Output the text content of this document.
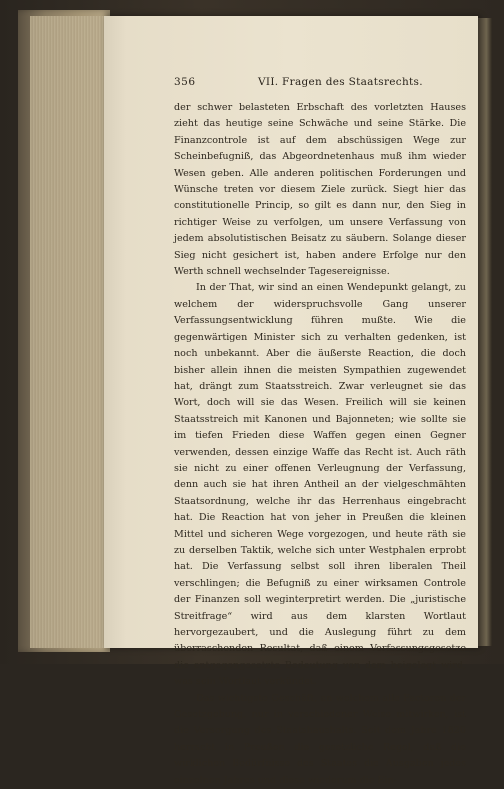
356	VII. Fragen des Staatsrechts.

der schwer belasteten Erbschaft des vorletzten Hauses zieht das heutige seine Schwäche und seine Stärke. Die Finanzcontrole ist auf dem abschüssigen Wege zur Scheinbefugniß, das Abgeordnetenhaus muß ihm wieder Wesen geben. Alle anderen politischen Forderungen und Wünsche treten vor diesem Ziele zurück. Siegt hier das constitutionelle Princip, so gilt es dann nur, den Sieg in richtiger Weise zu verfolgen, um unsere Verfassung von jedem absolutistischen Beisatz zu säubern. Solange dieser Sieg nicht gesichert ist, haben andere Erfolge nur den Werth schnell wechselnder Tagesereignisse.

In der That, wir sind an einen Wendepunkt gelangt, zu welchem der widerspruchsvolle Gang unserer Verfassungsentwicklung führen mußte. Wie die gegenwärtigen Minister sich zu verhalten gedenken, ist noch unbekannt. Aber die äußerste Reaction, die doch bisher allein ihnen die meisten Sympathien zugewendet hat, drängt zum Staatsstreich. Zwar verleugnet sie das Wort, doch will sie das Wesen. Freilich will sie keinen Staatsstreich mit Kanonen und Bajonneten; wie sollte sie im tiefen Frieden diese Waffen gegen einen Gegner verwenden, dessen einzige Waffe das Recht ist. Auch räth sie nicht zu einer offenen Verleugnung der Verfassung, denn auch sie hat ihren Antheil an der vielgeschmähten Staatsordnung, welche ihr das Herrenhaus eingebracht hat. Die Reaction hat von jeher in Preußen die kleinen Mittel und sicheren Wege vorgezogen, und heute räth sie zu derselben Taktik, welche sich unter Westphalen erprobt hat. Die Verfassung selbst soll ihren liberalen Theil verschlingen; die Befugniß zu einer wirksamen Controle der Finanzen soll weginterpretirt werden. Die „juristische Streitfrage“ wird aus dem klarsten Wortlaut hervorgezaubert, und die Auslegung führt zu dem überraschenden Resultat, daß einem Verfassungsgesetze die entgegengesetzte Bedeutung von dem beigelegt wird, was sein Wortlaut verkündet.

Das wichtigste Geschäft, an welchem alle Factoren der Gesetzgebung, nur in verschiedener Weise mitwirken, ist die Versorgung des Staatshaushalts. Seit dem Jahre 1820 herrscht in Preußen die gesetzliche Regel, daß die wirklichen Bedürfnisse des Staates die Ausgaben jedes einzelnen Jahres und diese wiederum die Ein-
